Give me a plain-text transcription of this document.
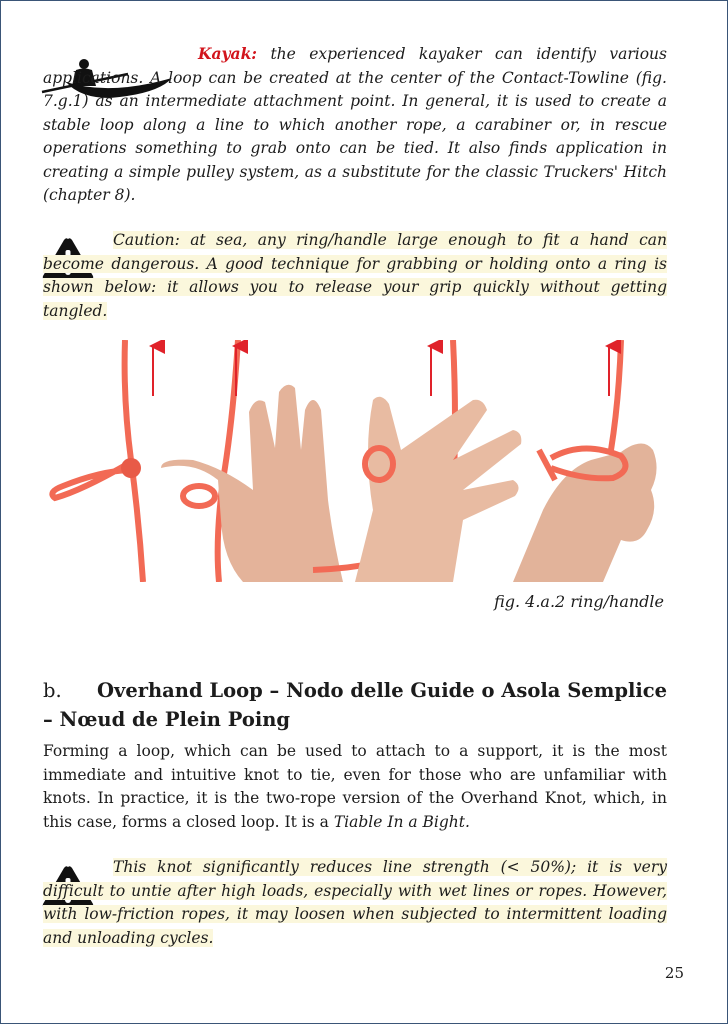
Kayak: the experienced kayaker can identify various applications. A loop can be created at the center of the Contact-Towline (fig. 7.g.1) as an intermediate attachment point. In general, it is used to create a stable loop along a line to which another rope, a carabiner or, in rescue operations something to grab onto can be tied. It also finds application in creating a simple pulley system, as a substitute for the classic Truckers' Hitch (chapter 8).

Caution: at sea, any ring/handle large enough to fit a hand can become dangerous. A good technique for grabbing or holding onto a ring is shown below: it allows you to release your grip quickly without getting tangled.

fig. 4.a.2 ring/handle
b. Overhand Loop – Nodo delle Guide o Asola Semplice – Nœud de Plein Poing

Forming a loop, which can be used to attach to a support, it is the most immediate and intuitive knot to tie, even for those who are unfamiliar with knots. In practice, it is the two-rope version of the Overhand Knot, which, in this case, forms a closed loop. It is a Tiable In a Bight.

This knot significantly reduces line strength (< 50%); it is very difficult to untie after high loads, especially with wet lines or ropes. However, with low-friction ropes, it may loosen when subjected to intermittent loading and unloading cycles.

25
